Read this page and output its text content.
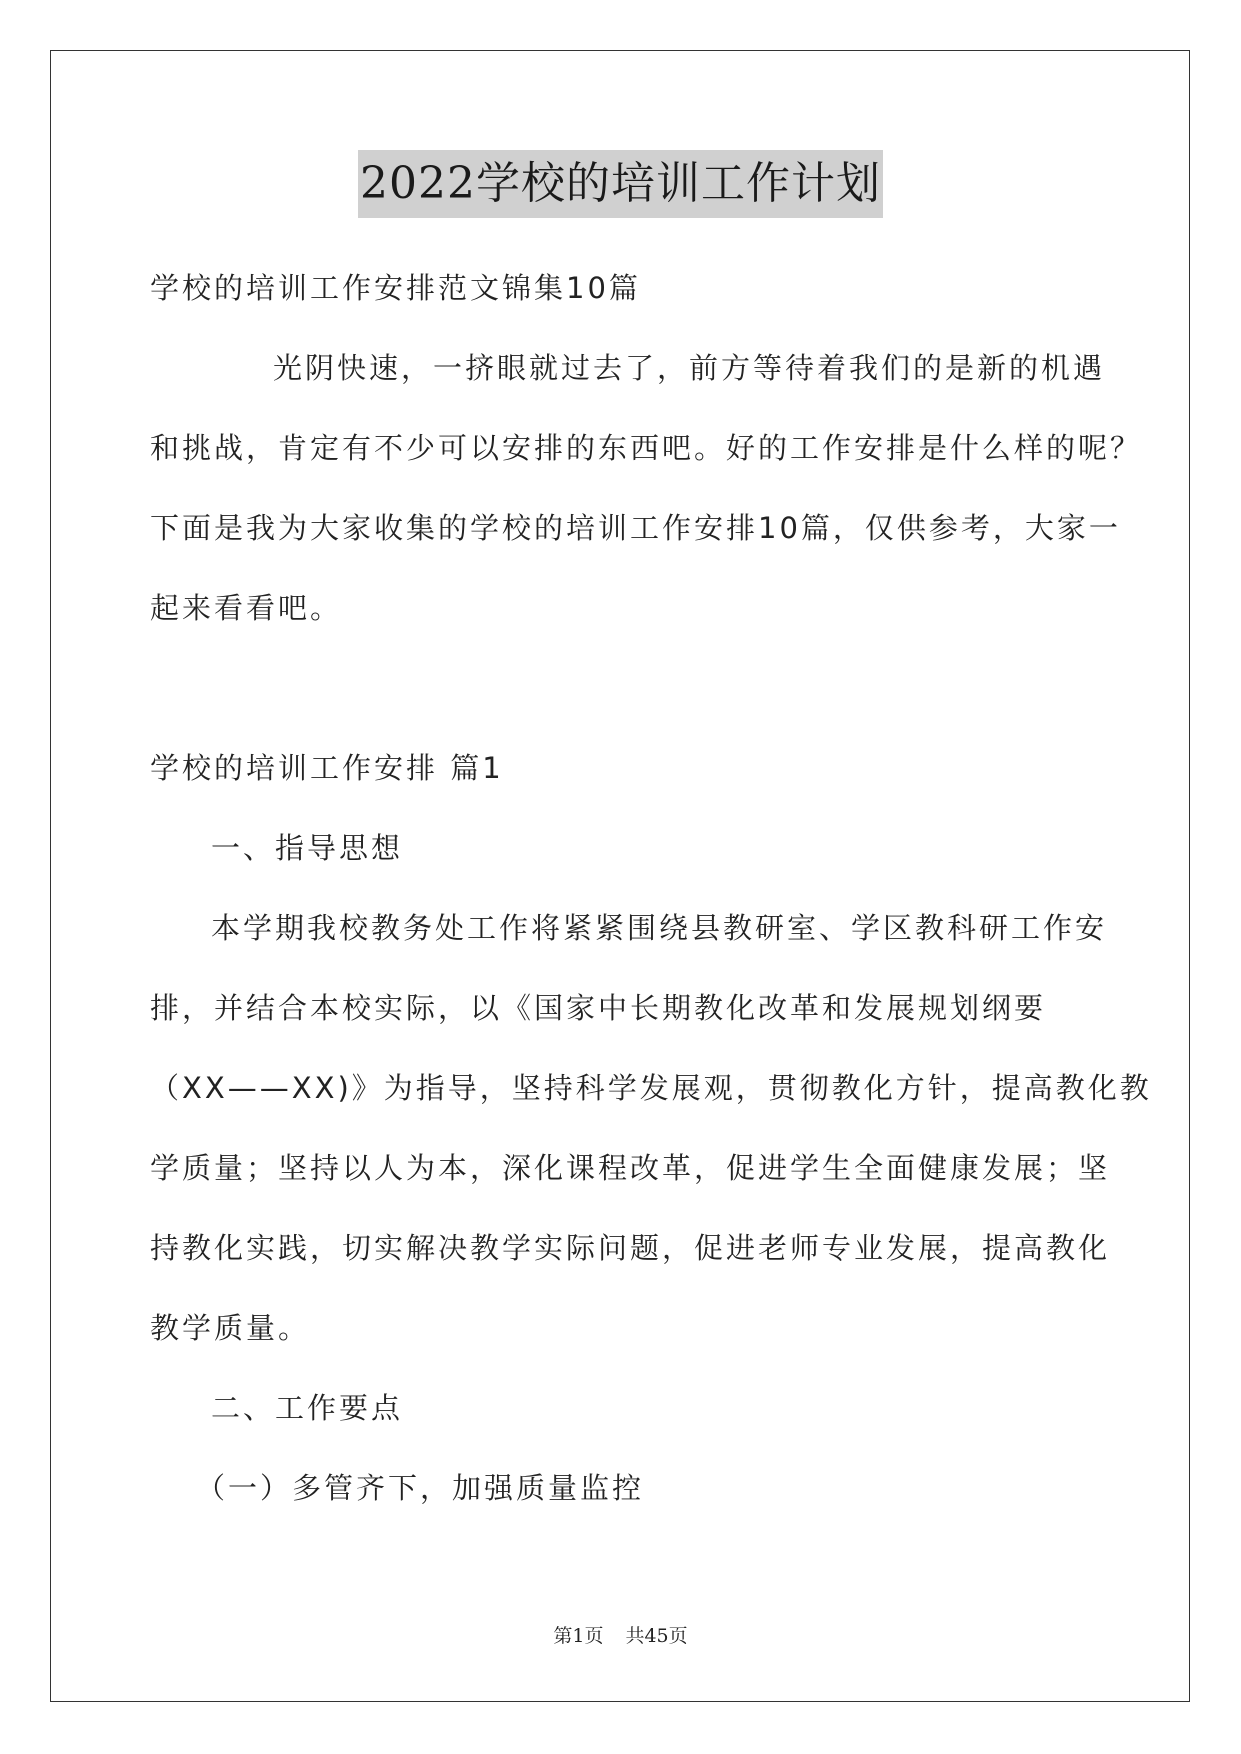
2022学校的培训工作计划
学校的培训工作安排范文锦集10篇
光阴快速，一挤眼就过去了，前方等待着我们的是新的机遇
和挑战，肯定有不少可以安排的东西吧。好的工作安排是什么样的呢？
下面是我为大家收集的学校的培训工作安排10篇，仅供参考，大家一
起来看看吧。
学校的培训工作安排 篇1
一、指导思想
本学期我校教务处工作将紧紧围绕县教研室、学区教科研工作安
排，并结合本校实际，以《国家中长期教化改革和发展规划纲要
（XX——XX)》为指导，坚持科学发展观，贯彻教化方针，提高教化教
学质量；坚持以人为本，深化课程改革，促进学生全面健康发展；坚
持教化实践，切实解决教学实际问题，促进老师专业发展，提高教化
教学质量。
二、工作要点
（一）多管齐下，加强质量监控
第1页 共45页
